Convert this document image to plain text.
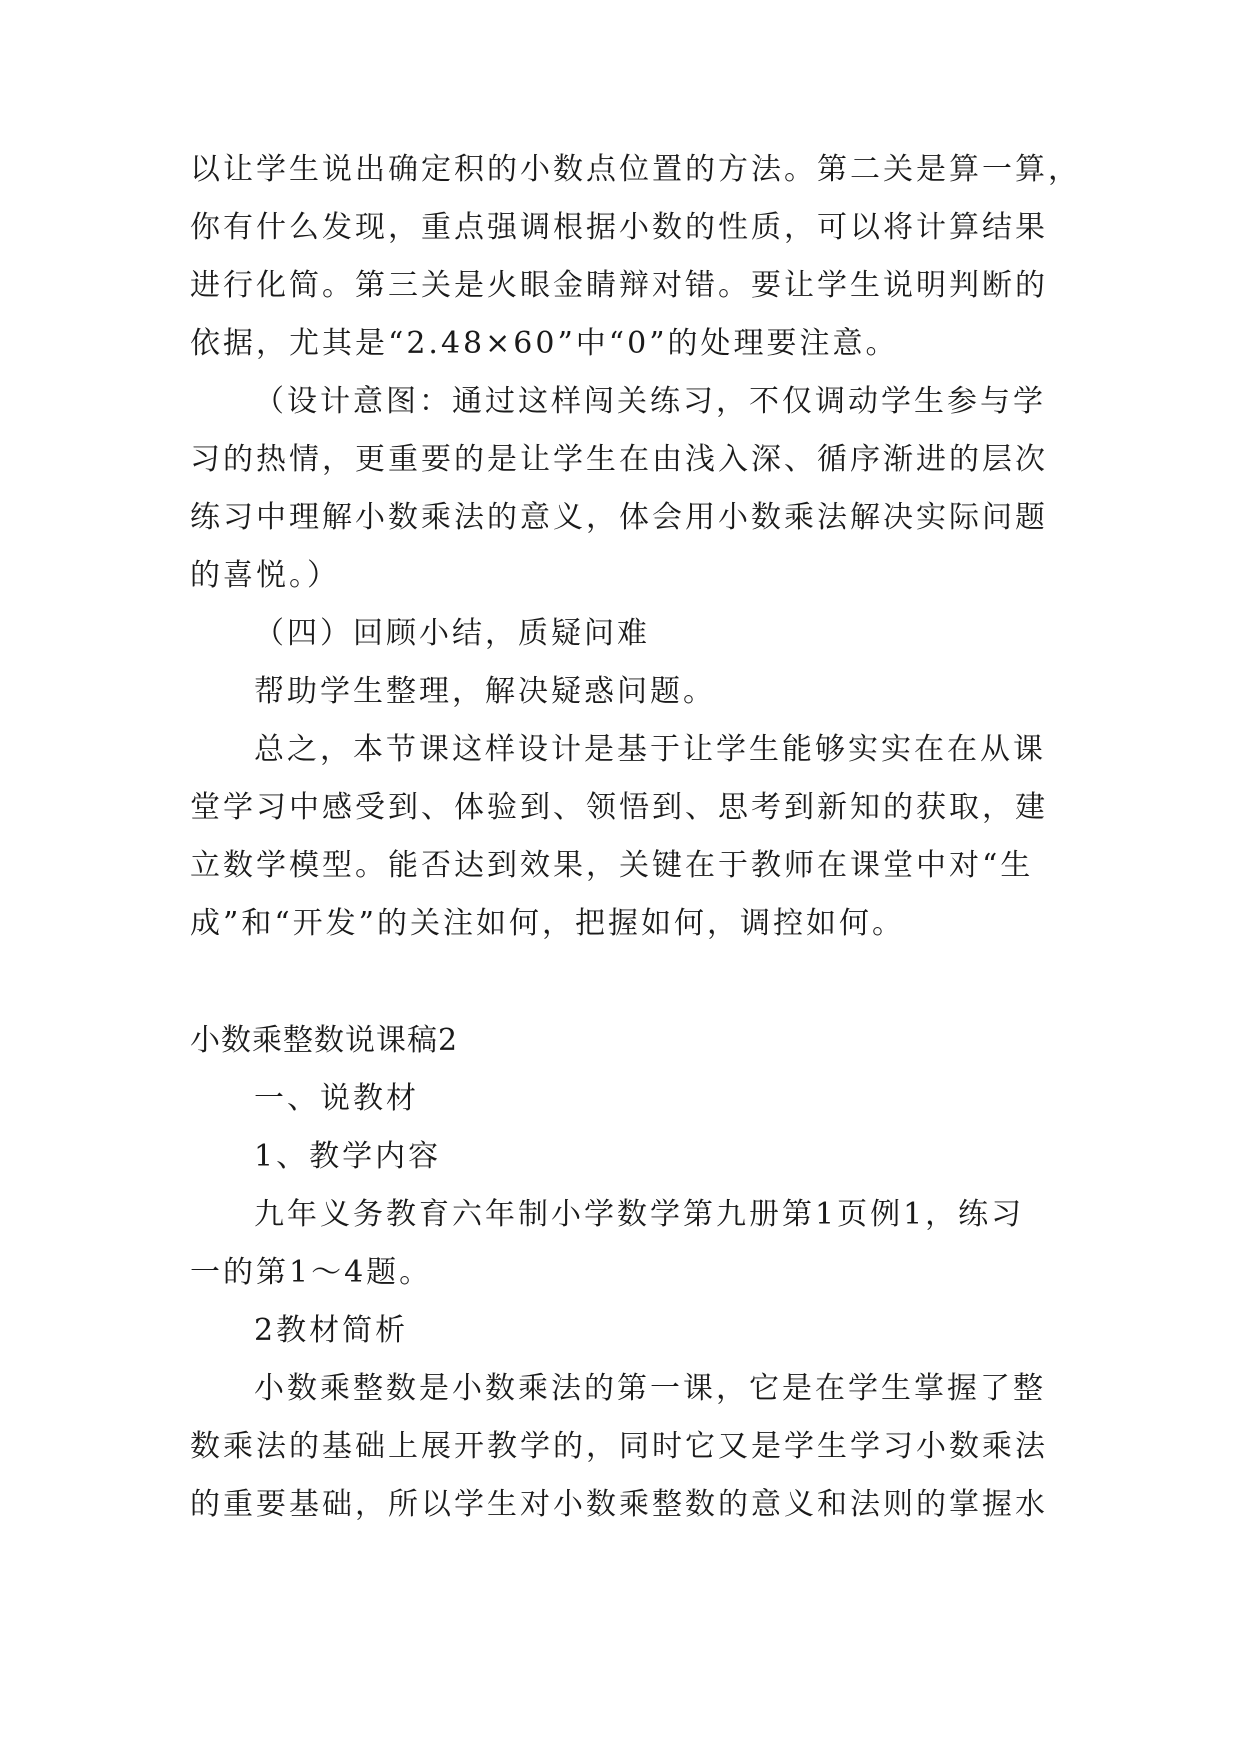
以让学生说出确定积的小数点位置的方法。第二关是算一算，
你有什么发现，重点强调根据小数的性质，可以将计算结果
进行化简。第三关是火眼金睛辩对错。要让学生说明判断的
依据，尤其是“2.48×60”中“0”的处理要注意。
（设计意图：通过这样闯关练习，不仅调动学生参与学
习的热情，更重要的是让学生在由浅入深、循序渐进的层次
练习中理解小数乘法的意义，体会用小数乘法解决实际问题
的喜悦。）
（四）回顾小结，质疑问难
帮助学生整理，解决疑惑问题。
总之，本节课这样设计是基于让学生能够实实在在从课
堂学习中感受到、体验到、领悟到、思考到新知的获取，建
立数学模型。能否达到效果，关键在于教师在课堂中对“生
成”和“开发”的关注如何，把握如何，调控如何。
小数乘整数说课稿2
一、说教材
1、教学内容
九年义务教育六年制小学数学第九册第1页例1，练习
一的第1～4题。
2教材简析
小数乘整数是小数乘法的第一课，它是在学生掌握了整
数乘法的基础上展开教学的，同时它又是学生学习小数乘法
的重要基础，所以学生对小数乘整数的意义和法则的掌握水
